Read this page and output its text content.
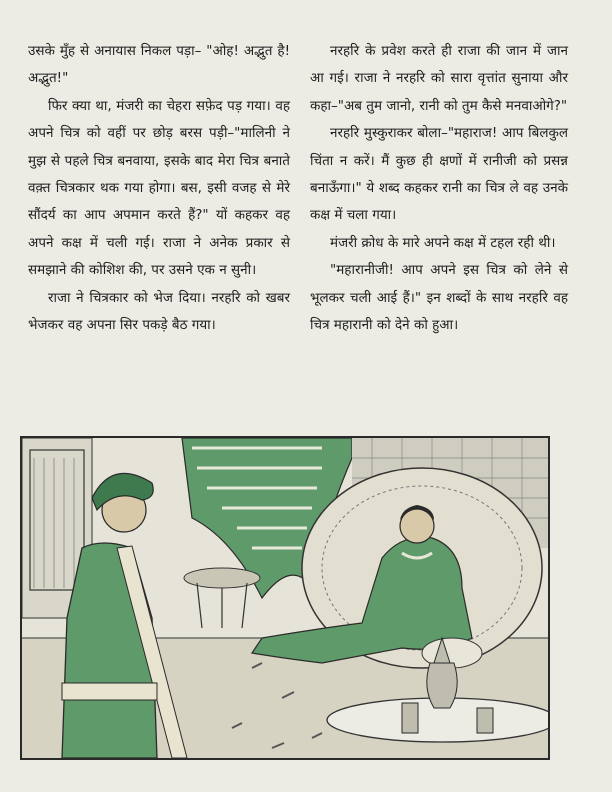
उसके मुँह से अनायास निकल पड़ा– "ओह! अद्भुत है! अद्भुत!"

फिर क्या था, मंजरी का चेहरा सफ़ेद पड़ गया। वह अपने चित्र को वहीं पर छोड़ बरस पड़ी–"मालिनी ने मुझ से पहले चित्र बनवाया, इसके बाद मेरा चित्र बनाते वक़्त चित्रकार थक गया होगा। बस, इसी वजह से मेरे सौंदर्य का आप अपमान करते हैं?" यों कहकर वह अपने कक्ष में चली गई। राजा ने अनेक प्रकार से समझाने की कोशिश की, पर उसने एक न सुनी।

राजा ने चित्रकार को भेज दिया। नरहरि को खबर भेजकर वह अपना सिर पकड़े बैठ गया।

नरहरि के प्रवेश करते ही राजा की जान में जान आ गई। राजा ने नरहरि को सारा वृत्तांत सुनाया और कहा–"अब तुम जानो, रानी को तुम कैसे मनवाओगे?"

नरहरि मुस्कुराकर बोला–"महाराज! आप बिलकुल चिंता न करें। मैं कुछ ही क्षणों में रानीजी को प्रसन्न बनाऊँगा।" ये शब्द कहकर रानी का चित्र ले वह उनके कक्ष में चला गया।

मंजरी क्रोध के मारे अपने कक्ष में टहल रही थी।

"महारानीजी! आप अपने इस चित्र को लेने से भूलकर चली आई हैं।" इन शब्दों के साथ नरहरि वह चित्र महारानी को देने को हुआ।
